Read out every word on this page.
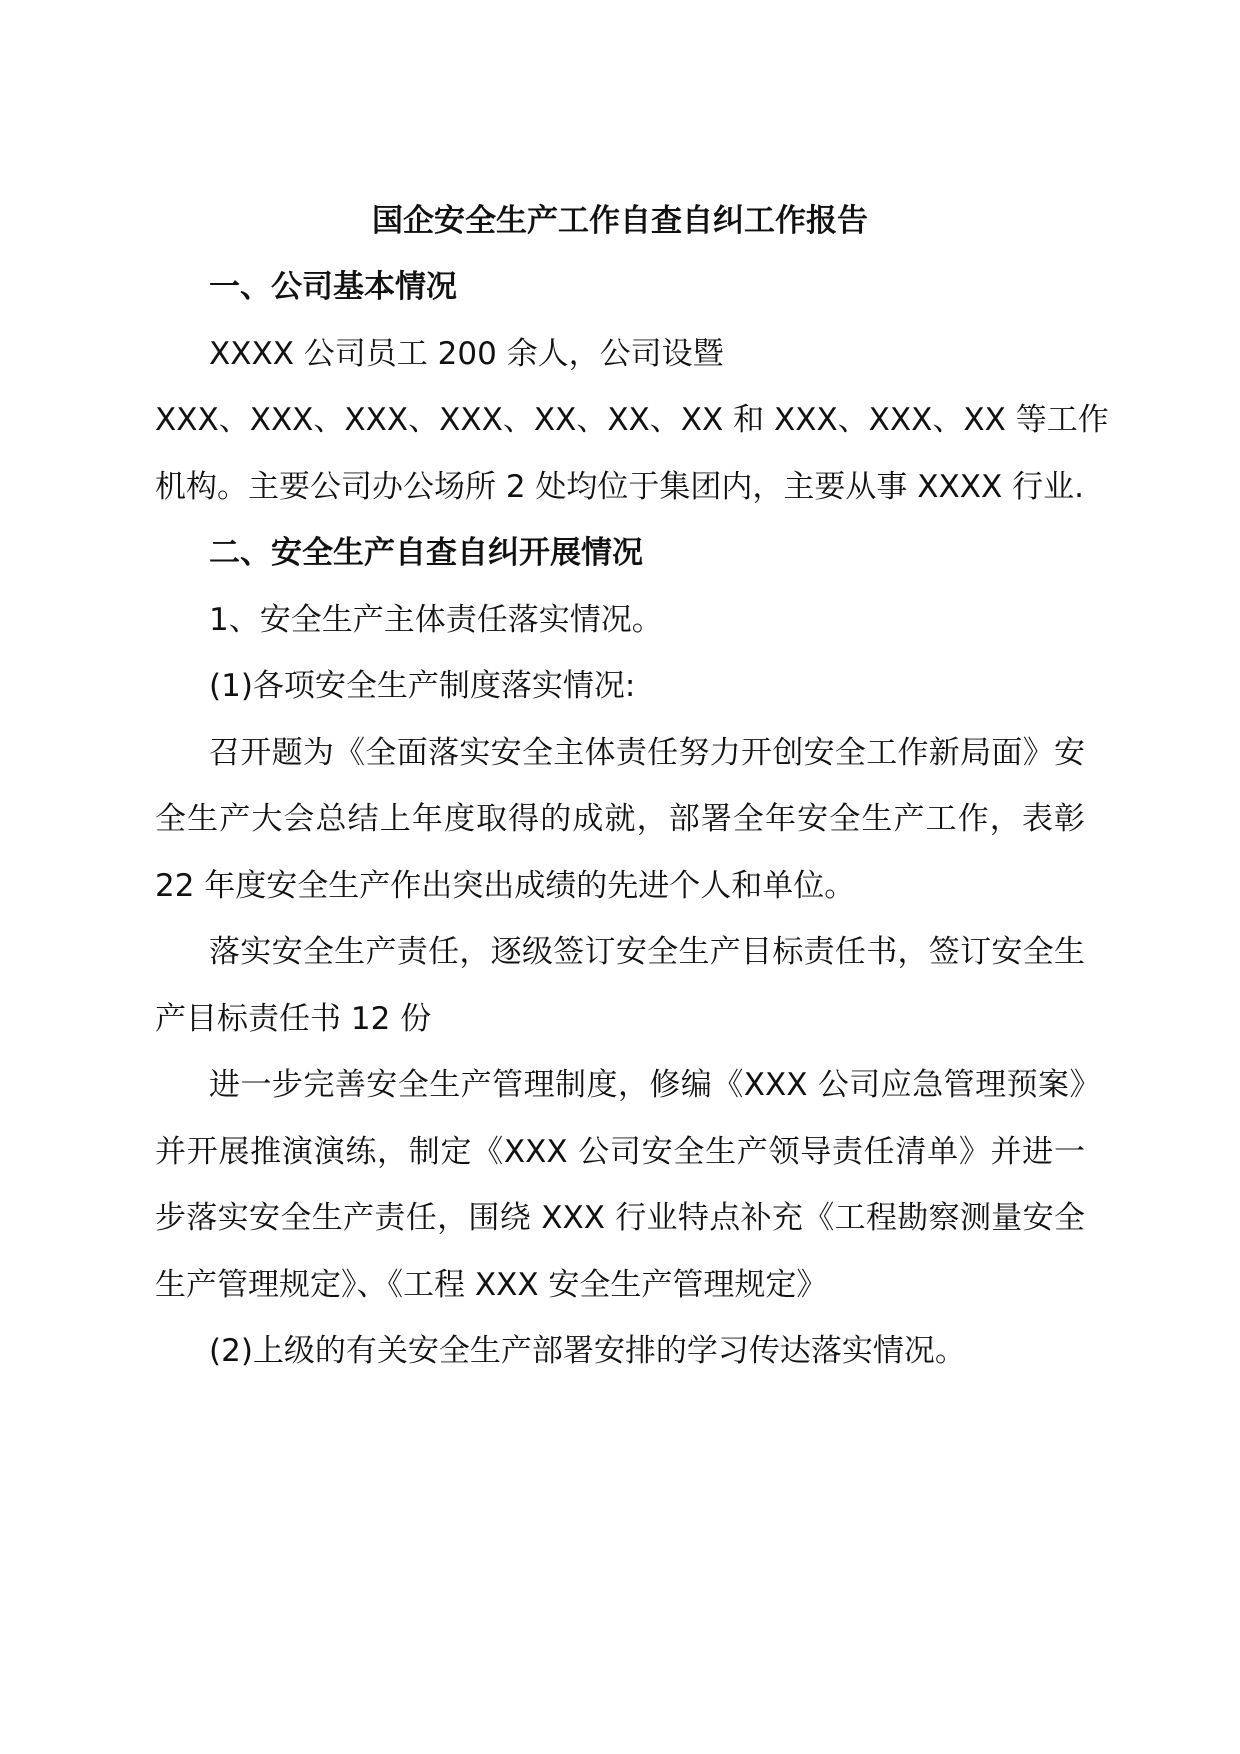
国企安全生产工作自查自纠工作报告

一、公司基本情况

XXXX 公司员工 200 余人，公司设暨
XXX、XXX、XXX、XXX、XX、XX、XX 和 XXX、XXX、XX 等工作
机构。主要公司办公场所 2 处均位于集团内，主要从事 XXXX 行业.

二、安全生产自查自纠开展情况

1、安全生产主体责任落实情况。

(1)各项安全生产制度落实情况:

召开题为《全面落实安全主体责任努力开创安全工作新局面》安全生产大会总结上年度取得的成就，部署全年安全生产工作，表彰 22 年度安全生产作出突出成绩的先进个人和单位。

落实安全生产责任，逐级签订安全生产目标责任书，签订安全生产目标责任书 12 份

进一步完善安全生产管理制度，修编《XXX 公司应急管理预案》并开展推演演练，制定《XXX 公司安全生产领导责任清单》并进一步落实安全生产责任，围绕 XXX 行业特点补充《工程勘察测量安全生产管理规定》、《工程 XXX 安全生产管理规定》

(2)上级的有关安全生产部署安排的学习传达落实情况。
